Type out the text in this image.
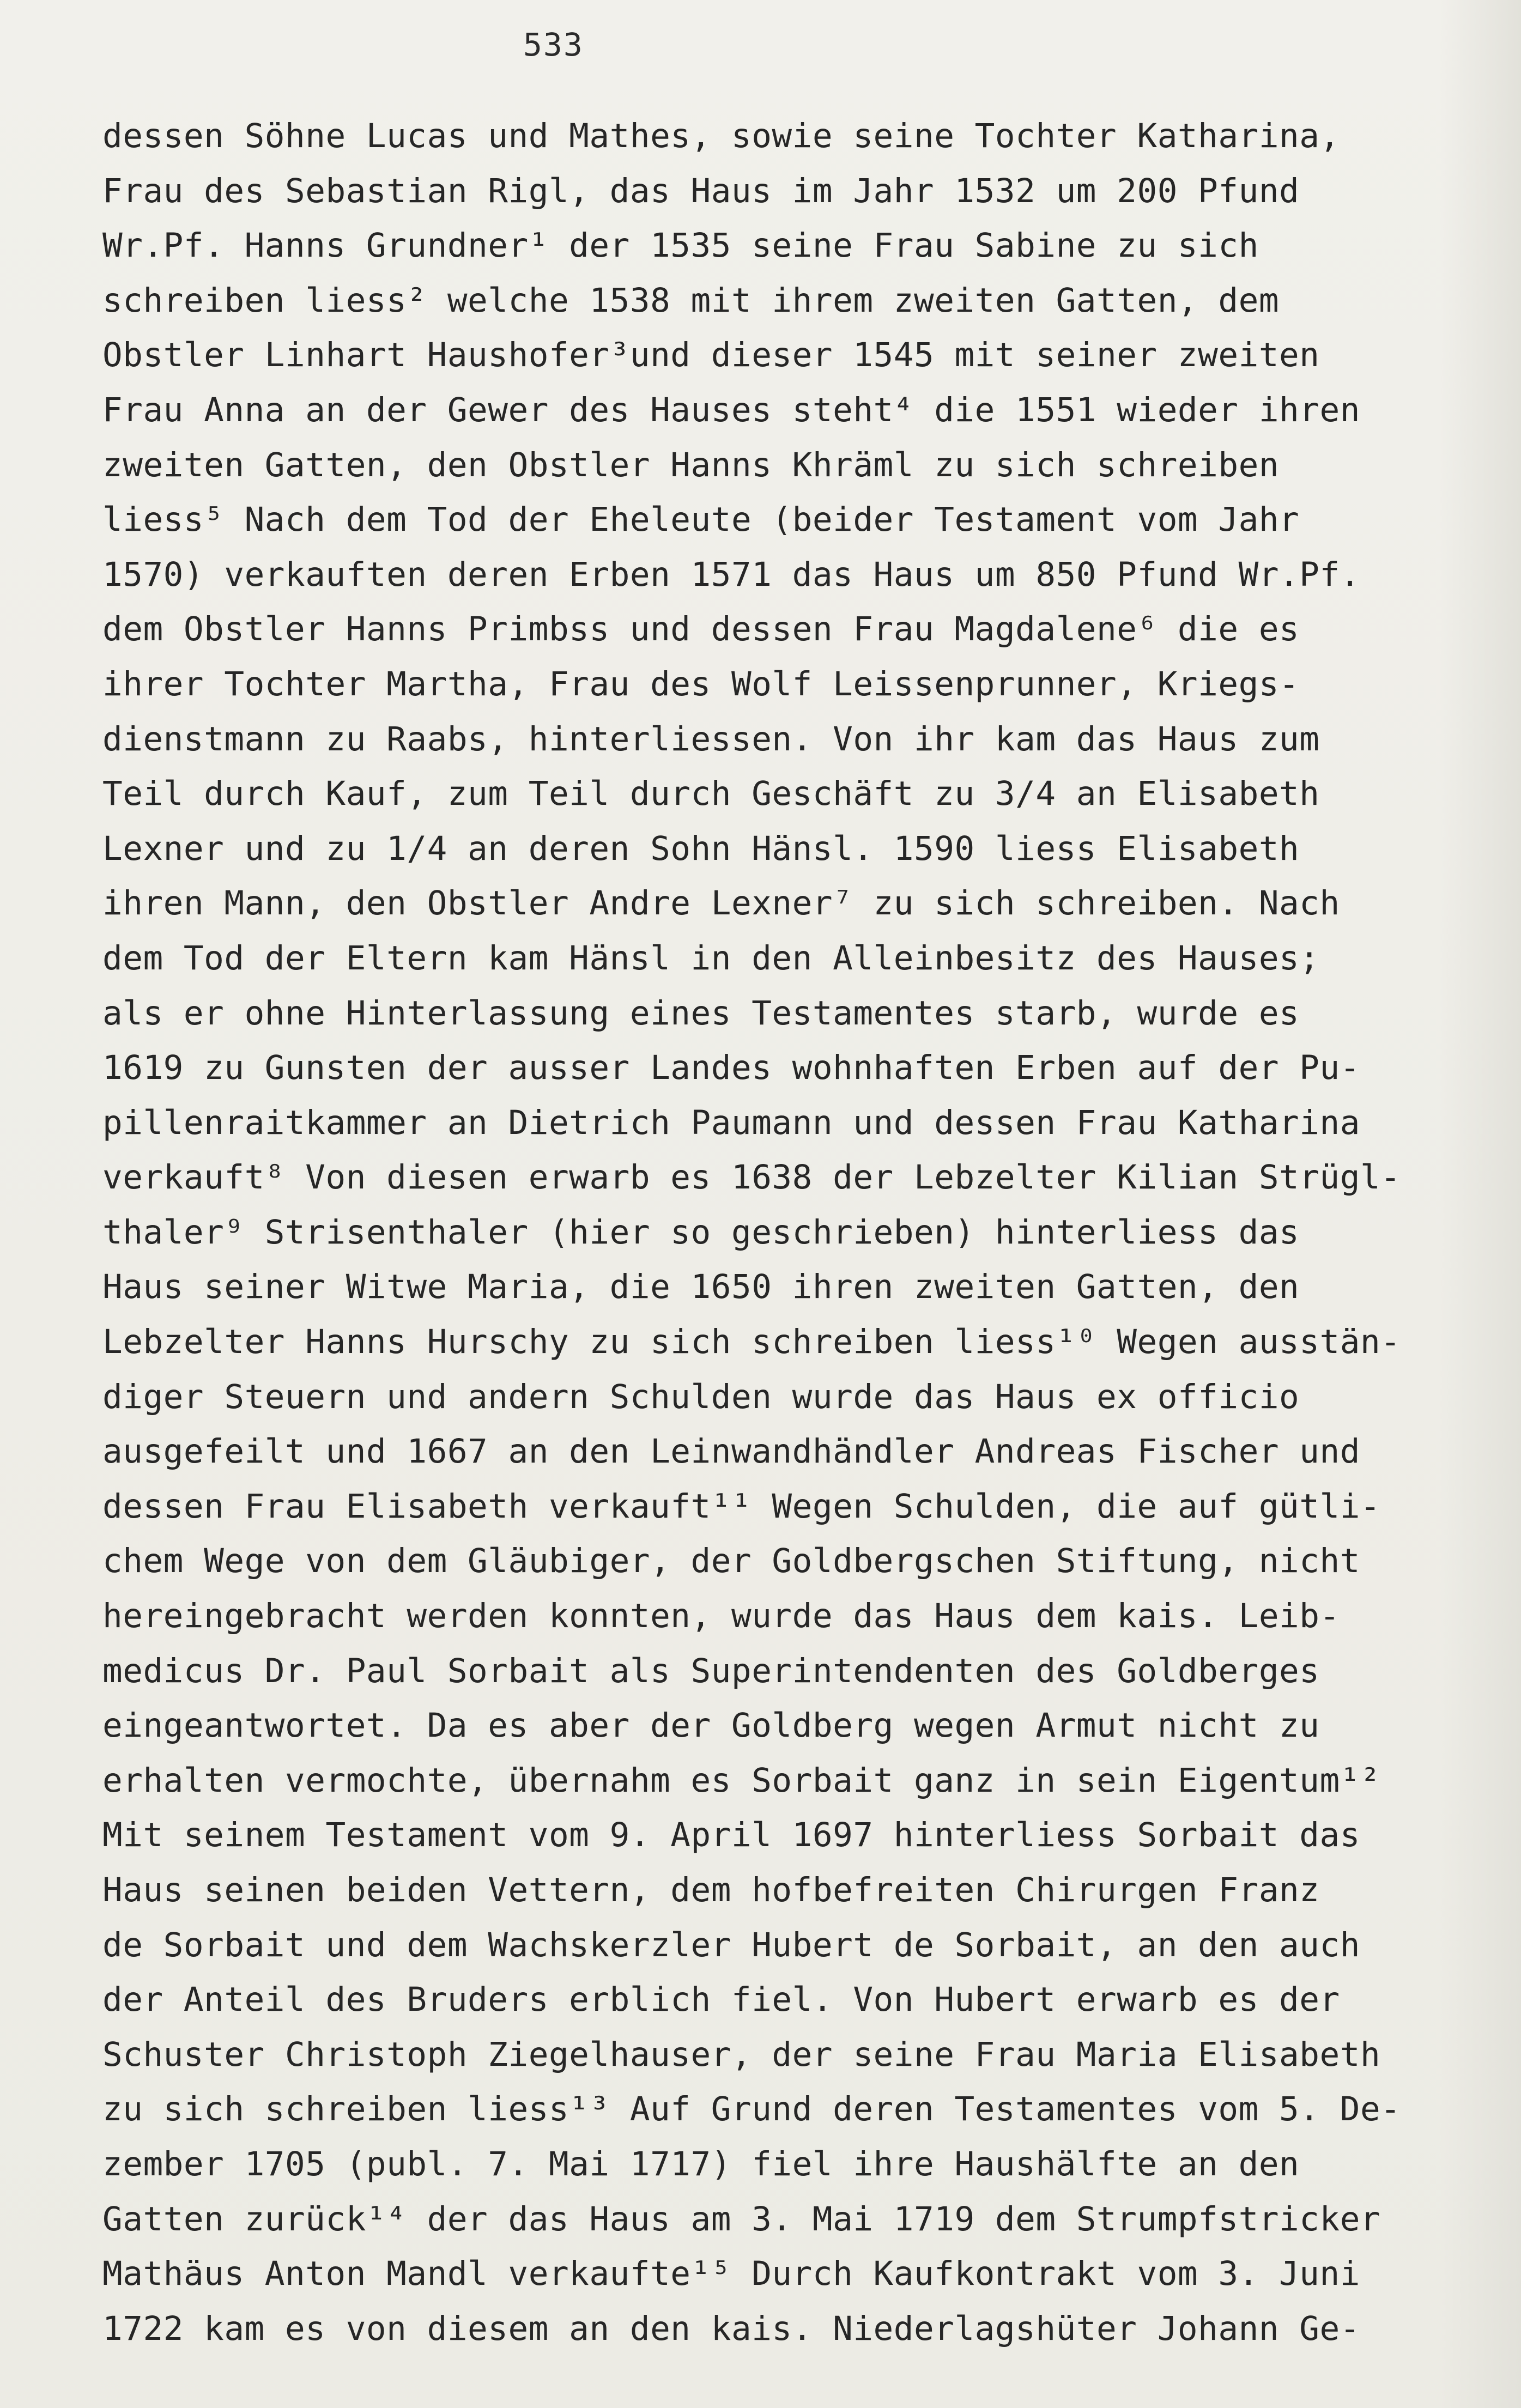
533
dessen Söhne Lucas und Mathes, sowie seine Tochter Katharina,
Frau des Sebastian Rigl, das Haus im Jahr 1532 um 200 Pfund
Wr.Pf. Hanns Grundner¹ der 1535 seine Frau Sabine zu sich
schreiben liess² welche 1538 mit ihrem zweiten Gatten, dem
Obstler Linhart Haushofer³und dieser 1545 mit seiner zweiten
Frau Anna an der Gewer des Hauses steht⁴ die 1551 wieder ihren
zweiten Gatten, den Obstler Hanns Khräml zu sich schreiben
liess⁵ Nach dem Tod der Eheleute (beider Testament vom Jahr
1570) verkauften deren Erben 1571 das Haus um 850 Pfund Wr.Pf.
dem Obstler Hanns Primbss und dessen Frau Magdalene⁶ die es
ihrer Tochter Martha, Frau des Wolf Leissenprunner, Kriegs-
dienstmann zu Raabs, hinterliessen. Von ihr kam das Haus zum
Teil durch Kauf, zum Teil durch Geschäft zu 3/4 an Elisabeth
Lexner und zu 1/4 an deren Sohn Hänsl. 1590 liess Elisabeth
ihren Mann, den Obstler Andre Lexner⁷ zu sich schreiben. Nach
dem Tod der Eltern kam Hänsl in den Alleinbesitz des Hauses;
als er ohne Hinterlassung eines Testamentes starb, wurde es
1619 zu Gunsten der ausser Landes wohnhaften Erben auf der Pu-
pillenraitkammer an Dietrich Paumann und dessen Frau Katharina
verkauft⁸ Von diesen erwarb es 1638 der Lebzelter Kilian Strügl-
thaler⁹ Strisenthaler (hier so geschrieben) hinterliess das
Haus seiner Witwe Maria, die 1650 ihren zweiten Gatten, den
Lebzelter Hanns Hurschy zu sich schreiben liess¹⁰ Wegen ausstän-
diger Steuern und andern Schulden wurde das Haus ex officio
ausgefeilt und 1667 an den Leinwandhändler Andreas Fischer und
dessen Frau Elisabeth verkauft¹¹ Wegen Schulden, die auf gütli-
chem Wege von dem Gläubiger, der Goldbergschen Stiftung, nicht
hereingebracht werden konnten, wurde das Haus dem kais. Leib-
medicus Dr. Paul Sorbait als Superintendenten des Goldberges
eingeantwortet. Da es aber der Goldberg wegen Armut nicht zu
erhalten vermochte, übernahm es Sorbait ganz in sein Eigentum¹²
Mit seinem Testament vom 9. April 1697 hinterliess Sorbait das
Haus seinen beiden Vettern, dem hofbefreiten Chirurgen Franz
de Sorbait und dem Wachskerzler Hubert de Sorbait, an den auch
der Anteil des Bruders erblich fiel. Von Hubert erwarb es der
Schuster Christoph Ziegelhauser, der seine Frau Maria Elisabeth
zu sich schreiben liess¹³ Auf Grund deren Testamentes vom 5. De-
zember 1705 (publ. 7. Mai 1717) fiel ihre Haushälfte an den
Gatten zurück¹⁴ der das Haus am 3. Mai 1719 dem Strumpfstricker
Mathäus Anton Mandl verkaufte¹⁵ Durch Kaufkontrakt vom 3. Juni
1722 kam es von diesem an den kais. Niederlagshüter Johann Ge-
